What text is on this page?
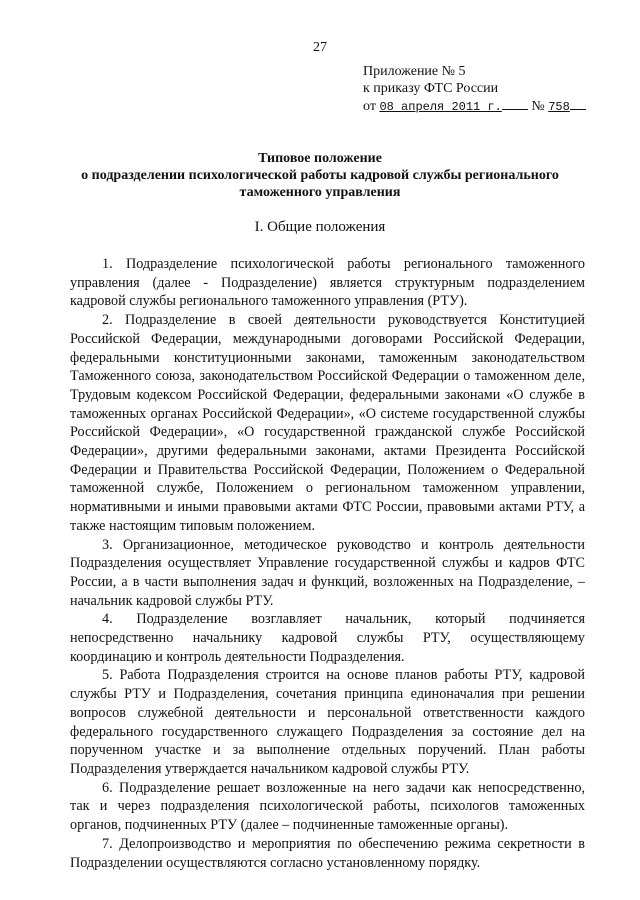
27
Приложение № 5
к приказу ФТС России
от 08 апреля 2011 г. № 758
Типовое положение
о подразделении психологической работы кадровой службы регионального
таможенного управления
I. Общие положения

1. Подразделение психологической работы регионального таможенного управления (далее - Подразделение) является структурным подразделением кадровой службы регионального таможенного управления (РТУ).

2. Подразделение в своей деятельности руководствуется Конституцией Российской Федерации, международными договорами Российской Федерации, федеральными конституционными законами, таможенным законодательством Таможенного союза, законодательством Российской Федерации о таможенном деле, Трудовым кодексом Российской Федерации, федеральными законами «О службе в таможенных органах Российской Федерации», «О системе государственной службы Российской Федерации», «О государственной гражданской службе Российской Федерации», другими федеральными законами, актами Президента Российской Федерации и Правительства Российской Федерации, Положением о Федеральной таможенной службе, Положением о региональном таможенном управлении, нормативными и иными правовыми актами ФТС России, правовыми актами РТУ, а также настоящим типовым положением.

3. Организационное, методическое руководство и контроль деятельности Подразделения осуществляет Управление государственной службы и кадров ФТС России, а в части выполнения задач и функций, возложенных на Подразделение, – начальник кадровой службы РТУ.

4. Подразделение возглавляет начальник, который подчиняется непосредственно начальнику кадровой службы РТУ, осуществляющему координацию и контроль деятельности Подразделения.

5. Работа Подразделения строится на основе планов работы РТУ, кадровой службы РТУ и Подразделения, сочетания принципа единоначалия при решении вопросов служебной деятельности и персональной ответственности каждого федерального государственного служащего Подразделения за состояние дел на порученном участке и за выполнение отдельных поручений. План работы Подразделения утверждается начальником кадровой службы РТУ.

6. Подразделение решает возложенные на него задачи как непосредственно, так и через подразделения психологической работы, психологов таможенных органов, подчиненных РТУ (далее – подчиненные таможенные органы).

7. Делопроизводство и мероприятия по обеспечению режима секретности в Подразделении осуществляются согласно установленному порядку.
